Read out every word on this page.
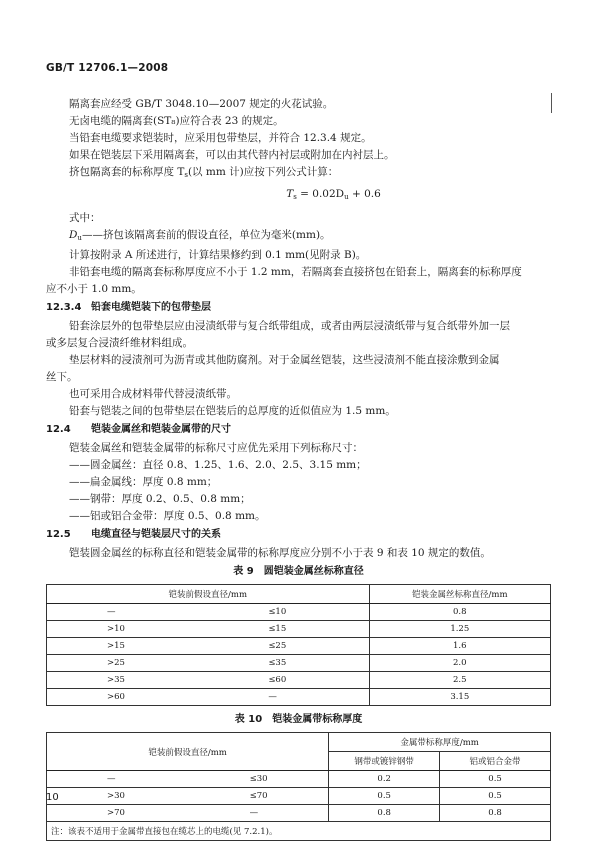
GB/T 12706.1—2008

隔离套应经受 GB/T 3048.10—2007 规定的火花试验。

无卤电缆的隔离套(ST₈)应符合表 23 的规定。

当铅套电缆要求铠装时，应采用包带垫层，并符合 12.3.4 规定。

如果在铠装层下采用隔离套，可以由其代替内衬层或附加在内衬层上。

挤包隔离套的标称厚度 $T_s$(以 mm 计)应按下列公式计算：

$T_s = 0.02D_u + 0.6$

式中：

$D_u——$挤包该隔离套前的假设直径，单位为毫米(mm)。

计算按附录 A 所述进行，计算结果修约到 0.1 mm(见附录 B)。

非铅套电缆的隔离套标称厚度应不小于 1.2 mm，若隔离套直接挤包在铅套上，隔离套的标称厚度

应不小于 1.0 mm。

12.3.4 铅套电缆铠装下的包带垫层

铅套涂层外的包带垫层应由浸渍纸带与复合纸带组成，或者由两层浸渍纸带与复合纸带外加一层

或多层复合浸渍纤维材料组成。

垫层材料的浸渍剂可为沥青或其他防腐剂。对于金属丝铠装，这些浸渍剂不能直接涂敷到金属

丝下。

也可采用合成材料带代替浸渍纸带。

铅套与铠装之间的包带垫层在铠装后的总厚度的近似值应为 1.5 mm。

12.4 铠装金属丝和铠装金属带的尺寸

铠装金属丝和铠装金属带的标称尺寸应优先采用下列标称尺寸：

——圆金属丝：直径 0.8、1.25、1.6、2.0、2.5、3.15 mm；

——扁金属线：厚度 0.8 mm；

——钢带：厚度 0.2、0.5、0.8 mm；

——铝或铝合金带：厚度 0.5、0.8 mm。

12.5 电缆直径与铠装层尺寸的关系

铠装圆金属丝的标称直径和铠装金属带的标称厚度应分别不小于表 9 和表 10 规定的数值。

表 9　圆铠装金属丝标称直径
铠装前假设直径/mm		铠装金属丝标称直径/mm
—	≤10	0.8
>10	≤15	1.25
>15	≤25	1.6
>25	≤35	2.0
>35	≤60	2.5
>60	—	3.15
表 10　铠装金属带标称厚度
铠装前假设直径/mm		金属带标称厚度/mm	
		钢带或镀锌钢带	铝或铝合金带
—	≤30	0.2	0.5
>30	≤70	0.5	0.5
>70	—	0.8	0.8
注：该表不适用于金属带直接包在缆芯上的电缆(见 7.2.1)。			
10
